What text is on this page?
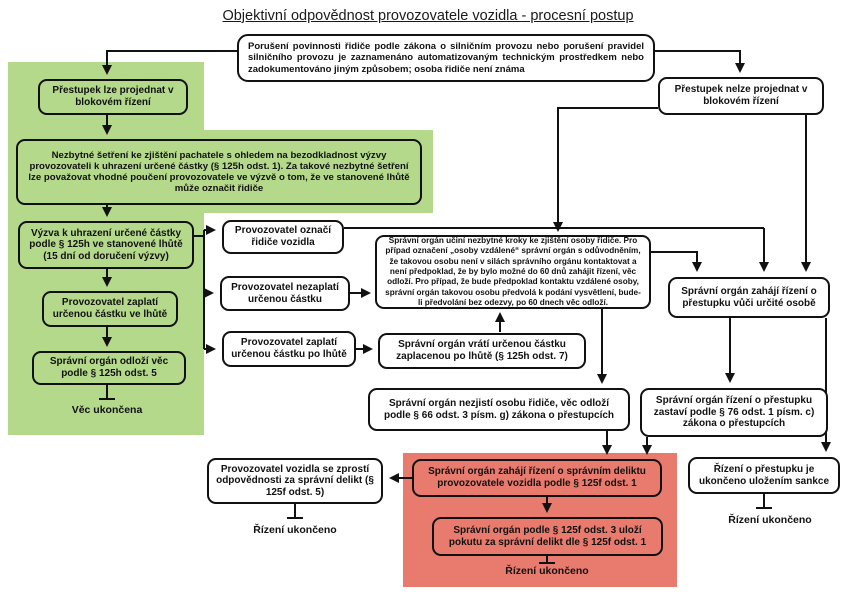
Objektivní odpovědnost provozovatele vozidla - procesní postup
Porušení povinnosti řidiče podle zákona o silničním provozu nebo porušení pravidel silničního provozu je zaznamenáno automatizovaným technickým prostředkem nebo zadokumentováno jiným způsobem; osoba řidiče není známa
Přestupek lze projednat v blokovém řízení
Nezbytné šetření ke zjištění pachatele s ohledem na bezodkladnost výzvy provozovateli k uhrazení určené částky (§ 125h odst. 1). Za takové nezbytné šetření lze považovat vhodné poučení provozovatele ve výzvě o tom, že ve stanovené lhůtě může označit řidiče
Výzva k uhrazení určené částky podle § 125h ve stanovené lhůtě (15 dní od doručení výzvy)
Provozovatel zaplatí určenou částku ve lhůtě
Správní orgán odloží věc podle § 125h odst. 5
Věc ukončena
Provozovatel označí řidiče vozidla
Provozovatel nezaplatí určenou částku
Provozovatel zaplatí určenou částku po lhůtě
Přestupek nelze projednat v blokovém řízení
Správní orgán učiní nezbytné kroky ke zjištění osoby řidiče. Pro případ označení „osoby vzdálené“ správní orgán s odůvodněním, že takovou osobu není v silách správního orgánu kontaktovat a není předpoklad, že by bylo možné do 60 dnů zahájit řízení, věc odloží. Pro případ, že bude předpoklad kontaktu vzdálené osoby, správní orgán takovou osobu předvolá k podání vysvětlení, bude-li předvolání bez odezvy, po 60 dnech věc odloží.
Správní orgán zahájí řízení o přestupku vůči určité osobě
Správní orgán vrátí určenou částku zaplacenou po lhůtě (§ 125h odst. 7)
Správní orgán nezjistí osobu řidiče, věc odloží podle § 66 odst. 3 písm. g) zákona o přestupcích
Správní orgán řízení o přestupku zastaví podle § 76 odst. 1 písm. c) zákona o přestupcích
Provozovatel vozidla se zprostí odpovědnosti za správní delikt (§ 125f odst. 5)
Řízení ukončeno
Správní orgán zahájí řízení o správním deliktu provozovatele vozidla podle § 125f odst. 1
Správní orgán podle § 125f odst. 3 uloží pokutu za správní delikt dle § 125f odst. 1
Řízení ukončeno
Řízení o přestupku je ukončeno uložením sankce
Řízení ukončeno
